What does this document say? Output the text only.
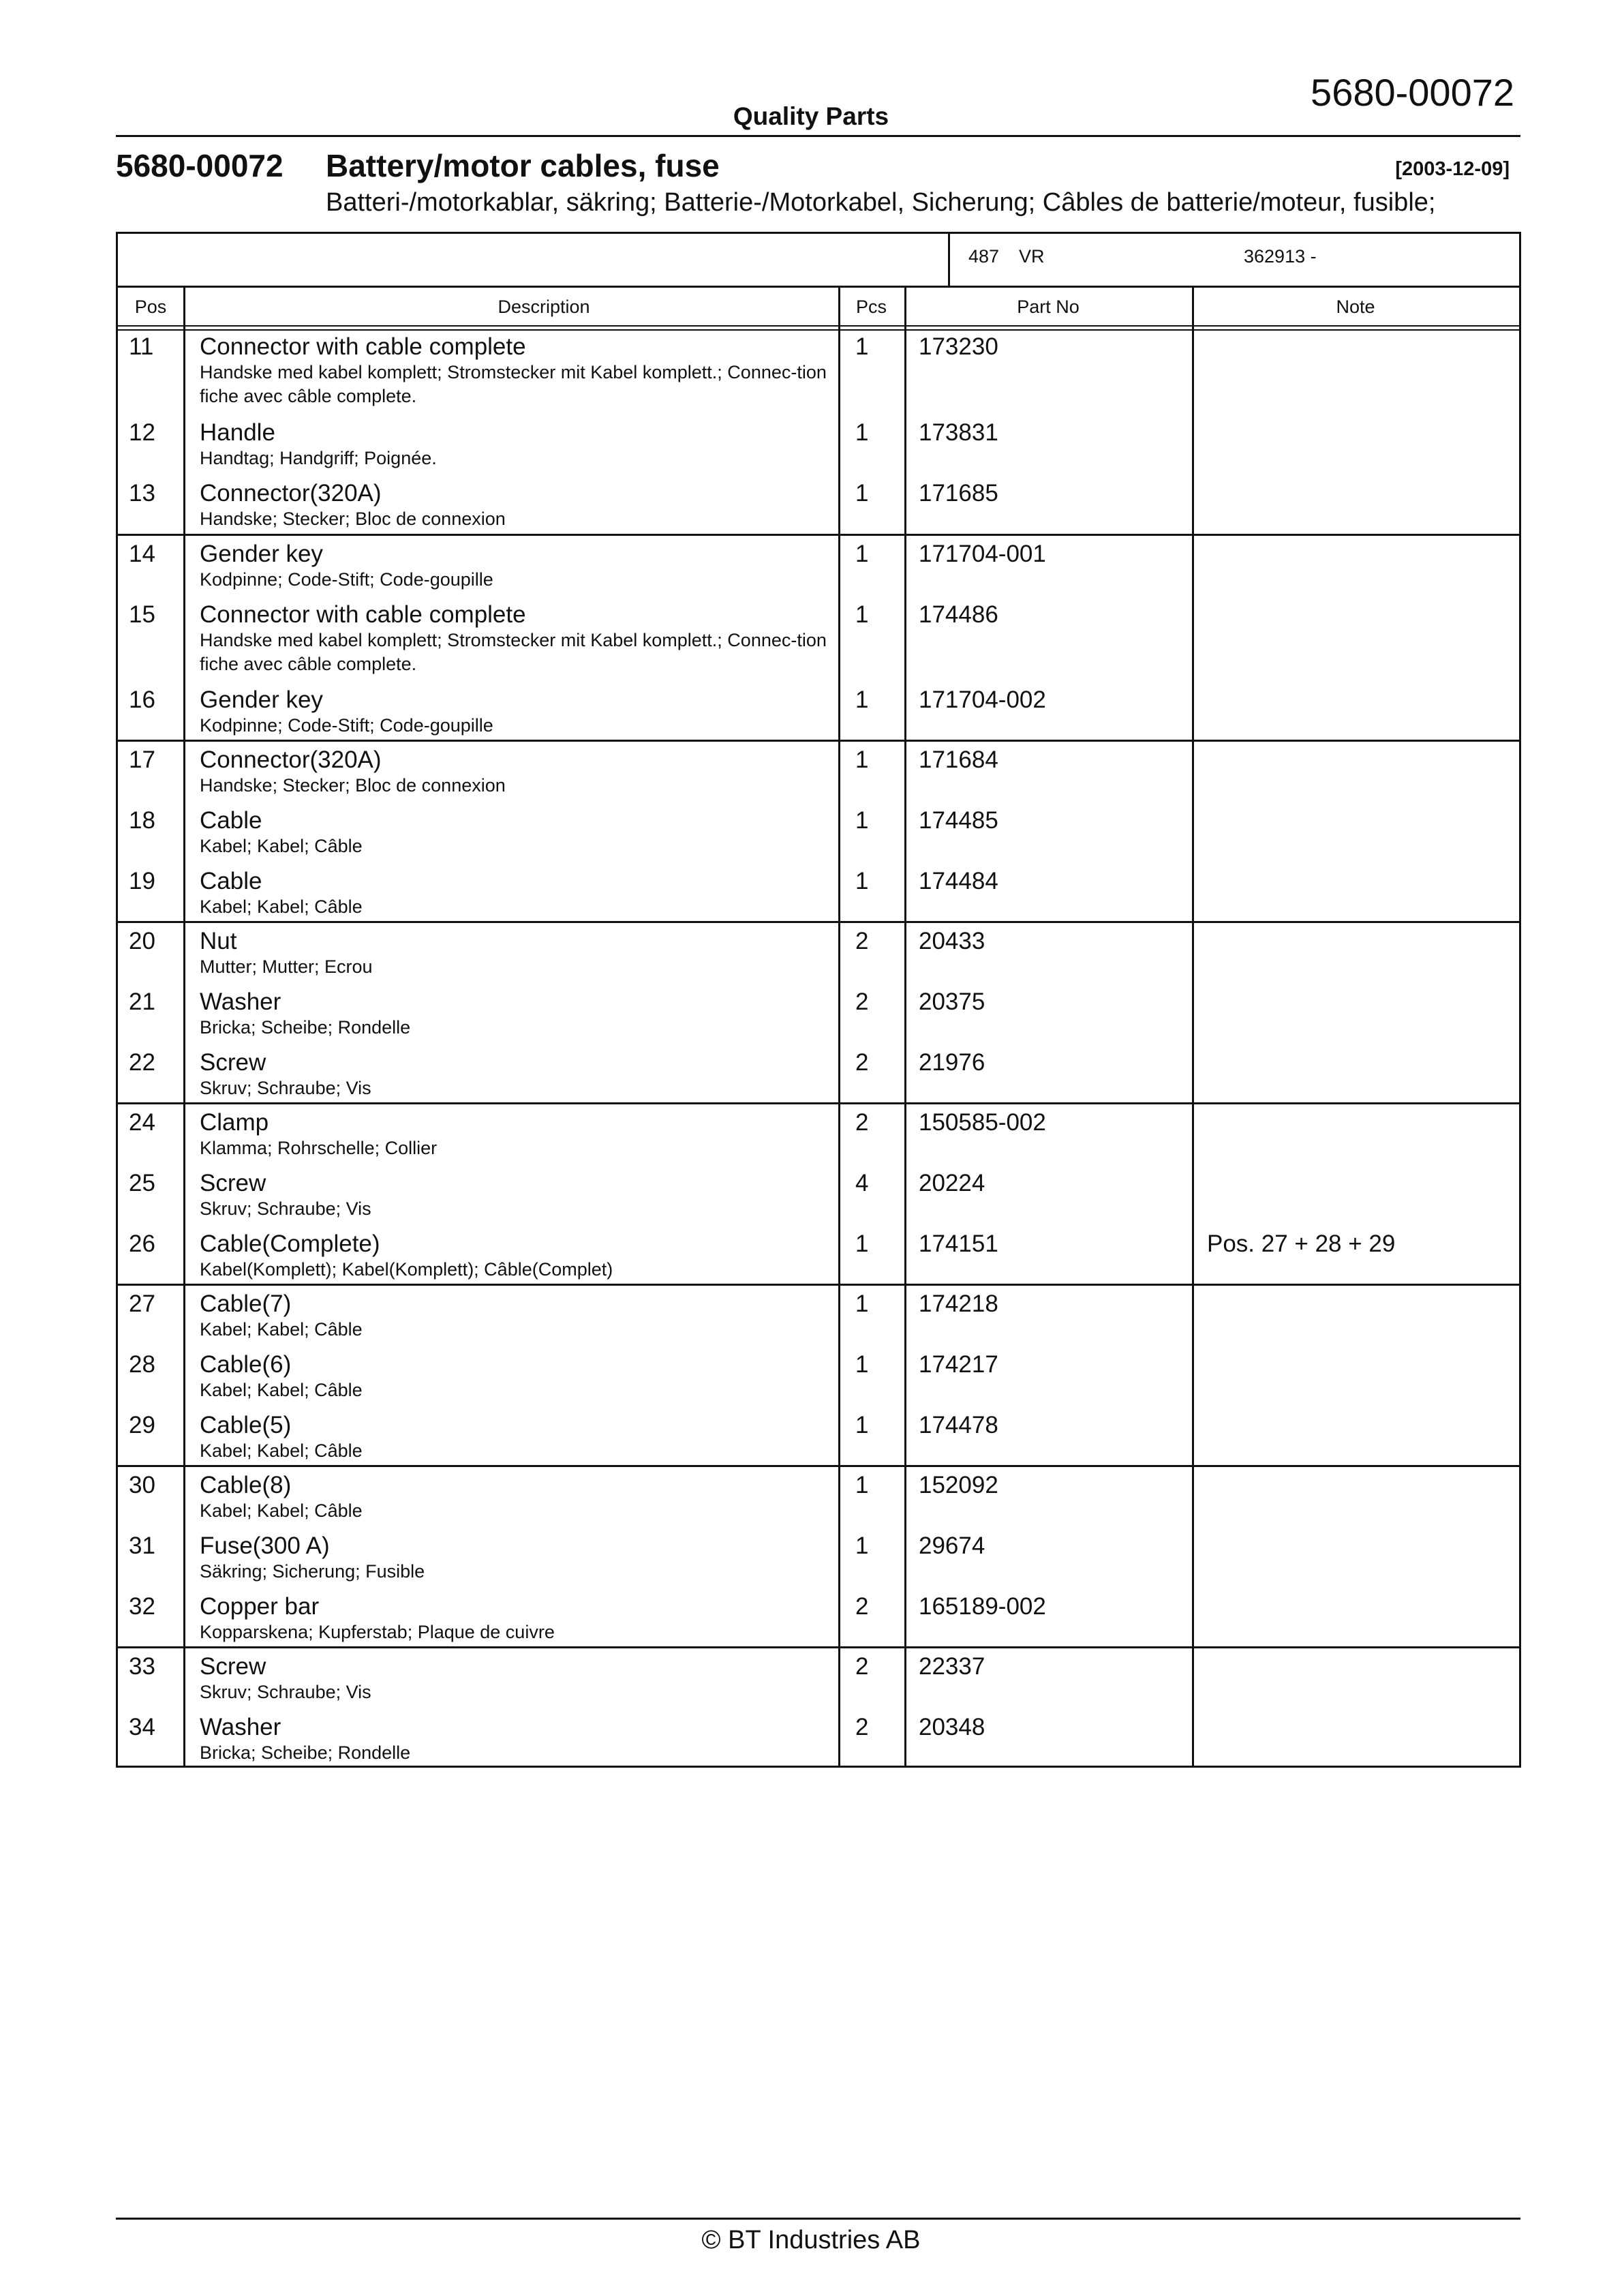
5680-00072
Quality Parts
5680-00072 Battery/motor cables, fuse	[2003-12-09]
Batteri-/motorkablar, säkring; Batterie-/Motorkabel, Sicherung; Câbles de batterie/moteur, fusible;
487 VR	362913 -
Pos	Description	Pcs	Part No	Note
11 Connector with cable complete
Handske med kabel komplett; Stromstecker mit Kabel komplett.; Connec-tion fiche avec câble complete.
1 173230
12 Handle
Handtag; Handgriff; Poignée.
1 173831
13 Connector(320A)
Handske; Stecker; Bloc de connexion
1 171685
14 Gender key
Kodpinne; Code-Stift; Code-goupille
1 171704-001
15 Connector with cable complete
Handske med kabel komplett; Stromstecker mit Kabel komplett.; Connec-tion fiche avec câble complete.
1 174486
16 Gender key
Kodpinne; Code-Stift; Code-goupille
1 171704-002
17 Connector(320A)
Handske; Stecker; Bloc de connexion
1 171684
18 Cable
Kabel; Kabel; Câble
1 174485
19 Cable
Kabel; Kabel; Câble
1 174484
20 Nut
Mutter; Mutter; Ecrou
2 20433
21 Washer
Bricka; Scheibe; Rondelle
2 20375
22 Screw
Skruv; Schraube; Vis
2 21976
24 Clamp
Klamma; Rohrschelle; Collier
2 150585-002
25 Screw
Skruv; Schraube; Vis
4 20224
26 Cable(Complete)
Kabel(Komplett); Kabel(Komplett); Câble(Complet)
1 174151	Pos. 27 + 28 + 29
27 Cable(7)
Kabel; Kabel; Câble
1 174218
28 Cable(6)
Kabel; Kabel; Câble
1 174217
29 Cable(5)
Kabel; Kabel; Câble
1 174478
30 Cable(8)
Kabel; Kabel; Câble
1 152092
31 Fuse(300 A)
Säkring; Sicherung; Fusible
1 29674
32 Copper bar
Kopparskena; Kupferstab; Plaque de cuivre
2 165189-002
33 Screw
Skruv; Schraube; Vis
2 22337
34 Washer
Bricka; Scheibe; Rondelle
2 20348
© BT Industries AB
